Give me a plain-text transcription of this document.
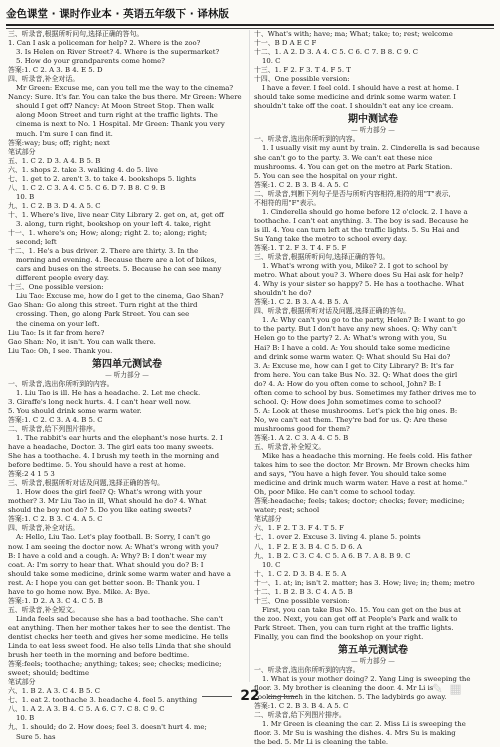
金色课堂 · 课时作业本 · 英语五年级下 · 译林版
三、听录音,根据所听问句,选择正确的答句。
1. Can I ask a policeman for help? 2. Where is the zoo?
3. Is Helen on River Street? 4. Where is the supermarket?
5. How do your grandparents come home?
答案:1. C 2. A 3. B 4. E 5. D
四、听录音,补全对话。
Mr Green: Excuse me, can you tell me the way to the cinema?
Nancy: Sure. It's far. You can take the bus there. Mr Green: Where
should I get off? Nancy: At Moon Street Stop. Then walk
along Moon Street and turn right at the traffic lights. The
cinema is next to No. 1 Hospital. Mr Green: Thank you very
much. I'm sure I can find it.
答案:way; bus; off; right; next
笔试部分
五、1. C 2. D 3. A 4. B 5. B
六、1. shops 2. take 3. walking 4. do 5. live
七、1. get to 2. aren't 3. to take 4. bookshops 5. lights
八、1. C 2. C 3. A 4. C 5. C 6. D 7. B 8. C 9. B
10. B
九、1. C 2. B 3. D 4. A 5. C
十、1. Where's live, live near City Library 2. get on, at, get off
3. along, turn right, bookshop on your left 4. take, right
十一、1. where's on; How; along; right 2. to; along; right;
second; left
十二、1. He's a bus driver. 2. There are thirty. 3. In the
morning and evening. 4. Because there are a lot of bikes,
cars and buses on the streets. 5. Because he can see many
different people every day.
十三、One possible version:
Liu Tao: Excuse me, how do I get to the cinema, Gao Shan?
Gao Shan: Go along this street. Turn right at the third
crossing. Then, go along Park Street. You can see
the cinema on your left.
Liu Tao: Is it far from here?
Gao Shan: No, it isn't. You can walk there.
Liu Tao: Oh, I see. Thank you.
第四单元测试卷
— 听力部分 —
一、听录音,选出你所听到的内容。
1. Liu Tao is ill. He has a headache. 2. Let me check.
3. Giraffe's long neck hurts. 4. I can't hear well now.
5. You should drink some warm water.
答案:1. C 2. C 3. A 4. B 5. C
二、听录音,给下列图片排序。
1. The rabbit's ear hurts and the elephant's nose hurts. 2. I
have a headache, Doctor. 3. The girl eats too many sweets.
She has a toothache. 4. I brush my teeth in the morning and
before bedtime. 5. You should have a rest at home.
答案:2 4 1 5 3
三、听录音,根据所听对话及问题,选择正确的答句。
1. How does the girl feel? Q: What's wrong with your
mother? 3. Mr Liu Tao in ill, What should he do? 4. What
should the boy not do? 5. Do you like eating sweets?
答案:1. C 2. B 3. C 4. A 5. C
四、听录音,补全对话。
A: Hello, Liu Tao. Let's play football. B: Sorry, I can't go
now. I am seeing the doctor now. A: What's wrong with you?
B: I have a cold and a cough. A: Why? B: I don't wear my
coat. A: I'm sorry to hear that. What should you do? B: I
should take some medicine, drink some warm water and have a
rest. A: I hope you can get better soon. B: Thank you. I
have to go home now. Bye. Mike. A: Bye.
答案:1. D 2. A 3. C 4. C 5. B
五、听录音,补全短文。
Linda feels sad because she has a bad toothache. She can't
eat anything. Then her mother takes her to see the dentist. The
dentist checks her teeth and gives her some medicine. He tells
Linda to eat less sweet food. He also tells Linda that she should
brush her teeth in the morning and before bedtime.
答案:feels; toothache; anything; takes; see; checks; medicine;
sweet; should; bedtime
笔试部分
六、1. B 2. A 3. C 4. B 5. C
七、1. eat 2. toothache 3. headache 4. feel 5. anything
八、1. A 2. A 3. B 4. C 5. A 6. C 7. C 8. C 9. C
10. B
九、1. should; do 2. How does; feel 3. doesn't hurt 4. me;
Sure 5. has
十、What's with; have; ma; What; take; to; rest; welcome
十一、B D A E C F
十二、1. A 2. D 3. A 4. C 5. C 6. C 7. B 8. C 9. C
10. C
十三、1. F 2. F 3. T 4. F 5. T
十四、One possible version:
I have a fever. I feel cold. I should have a rest at home. I
should take some medicine and drink some warm water. I
shouldn't take off the coat. I shouldn't eat any ice cream.
期中测试卷
— 听力部分 —
一、听录音,选出你所听到的内容。
1. I usually visit my aunt by train. 2. Cinderella is sad because
she can't go to the party. 3. We can't eat these nice
mushrooms. 4. You can get on the metro at Park Station.
5. You can see the hospital on your right.
答案:1. C 2. B 3. B 4. A 5. C
二、听录音,判断下列句子是否与所听内容相符,相符的用"T"表示,
不相符的用"F"表示。
1. Cinderella should go home before 12 o'clock. 2. I have a
toothache. I can't eat anything. 3. The boy is sad. Because he
is ill. 4. You can turn left at the traffic lights. 5. Su Hai and
Su Yang take the metro to school every day.
答案:1. T 2. F 3. T 4. F 5. F
三、听录音,根据所听问句,选择正确的答句。
1. What's wrong with you, Mike? 2. I got to school by
metro. What about you? 3. Where does Su Hai ask for help?
4. Why is your sister so happy? 5. He has a toothache. What
shouldn't he do?
答案:1. C 2. B 3. A 4. B 5. A
四、听录音,根据所听对话及问题,选择正确的答句。
1. A: Why can't you go to the party, Helen? B: I want to go
to the party. But I don't have any new shoes. Q: Why can't
Helen go to the party? 2. A: What's wrong with you, Su
Hai? B: I have a cold. A: You should take some medicine
and drink some warm water. Q: What should Su Hai do?
3. A: Excuse me, how can I get to City Library? B: It's far
from here. You can take Bus No. 32. Q: What does the girl
do? 4. A: How do you often come to school, John? B: I
often come to school by bus. Sometimes my father drives me to
school. Q: How does John sometimes come to school?
5. A: Look at these mushrooms. Let's pick the big ones. B:
No, we can't eat them. They're bad for us. Q: Are these
mushrooms good for them?
答案:1. A 2. C 3. A 4. C 5. B
五、听录音,补全短文。
Mike has a headache this morning. He feels cold. His father
takes him to see the doctor. Mr Brown. Mr Brown checks him
and says, "You have a high fever. You should take some
medicine and drink much warm water. Have a rest at home."
Oh, poor Mike. He can't come to school today.
答案:headache; feels; takes; doctor; checks; fever; medicine;
water; rest; school
笔试部分
六、1. F 2. T 3. F 4. T 5. F
七、1. over 2. Excuse 3. living 4. plane 5. points
八、1. F 2. E 3. B 4. C 5. D 6. A
九、1. B 2. C 3. C 4. C 5. A 6. B 7. A 8. B 9. C
10. C
十、1. C 2. D 3. B 4. E 5. A
十一、1. at; in; isn't 2. matter; has 3. How; live; in; them; metro
十二、1. B 2. B 3. C 4. A 5. B
十三、One possible version:
First, you can take Bus No. 15. You can get on the bus at
the zoo. Next, you can get off at People's Park and walk to
Park Street. Then, you can turn right at the traffic lights.
Finally, you can find the bookshop on your right.
第五单元测试卷
— 听力部分 —
一、听录音,选出你所听到的内容。
1. What is your mother doing? 2. Yang Ling is sweeping the
floor. 3. My brother is cleaning the door. 4. Mr Li is
cooking lunch in the kitchen. 5. The ladybirds go away.
答案:1. C 2. B 3. B 4. A 5. C
二、听录音,给下列图片排序。
1. Mr Green is cleaning the car. 2. Miss Li is sweeping the
floor. 3. Mr Su is washing the dishes. 4. Mrs Su is making
the bed. 5. Mr Li is cleaning the table.
22	✎ ▦
